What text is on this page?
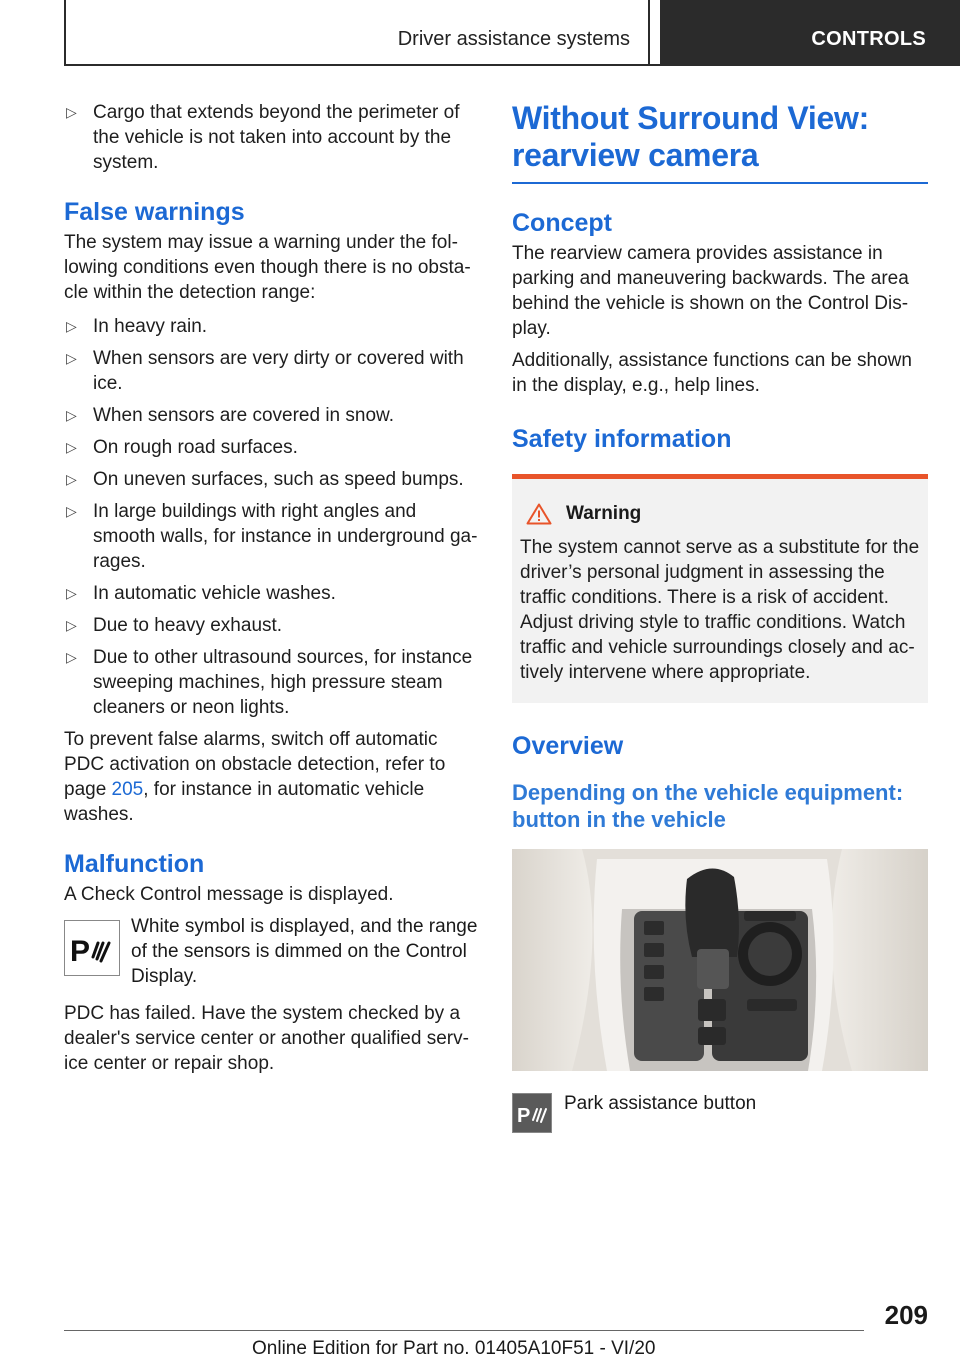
Driver assistance systems	CONTROLS
▷ Cargo that extends beyond the perimeter of the vehicle is not taken into account by the system.
False warnings

The system may issue a warning under the fol-lowing conditions even though there is no obsta-cle within the detection range:

▷ In heavy rain.
▷ When sensors are very dirty or covered with ice.
▷ When sensors are covered in snow.
▷ On rough road surfaces.
▷ On uneven surfaces, such as speed bumps.
▷ In large buildings with right angles and smooth walls, for instance in underground ga-rages.
▷ In automatic vehicle washes.
▷ Due to heavy exhaust.
▷ Due to other ultrasound sources, for instance sweeping machines, high pressure steam cleaners or neon lights.

To prevent false alarms, switch off automatic PDC activation on obstacle detection, refer to page 205, for instance in automatic vehicle washes.

Malfunction

A Check Control message is displayed.

P

White symbol is displayed, and the range of the sensors is dimmed on the Control Display.

PDC has failed. Have the system checked by a dealer's service center or another qualified serv-ice center or repair shop.

Without Surround View: rearview camera
Concept

The rearview camera provides assistance in parking and maneuvering backwards. The area behind the vehicle is shown on the Control Dis-play.

Additionally, assistance functions can be shown in the display, e.g., help lines.

Safety information
Warning

The system cannot serve as a substitute for the driver’s personal judgment in assessing the traffic conditions. There is a risk of accident. Adjust driving style to traffic conditions. Watch traffic and vehicle surroundings closely and ac-tively intervene where appropriate.

Overview
Depending on the vehicle equipment: button in the vehicle
P
Park assistance button
209
Online Edition for Part no. 01405A10F51 - VI/20
